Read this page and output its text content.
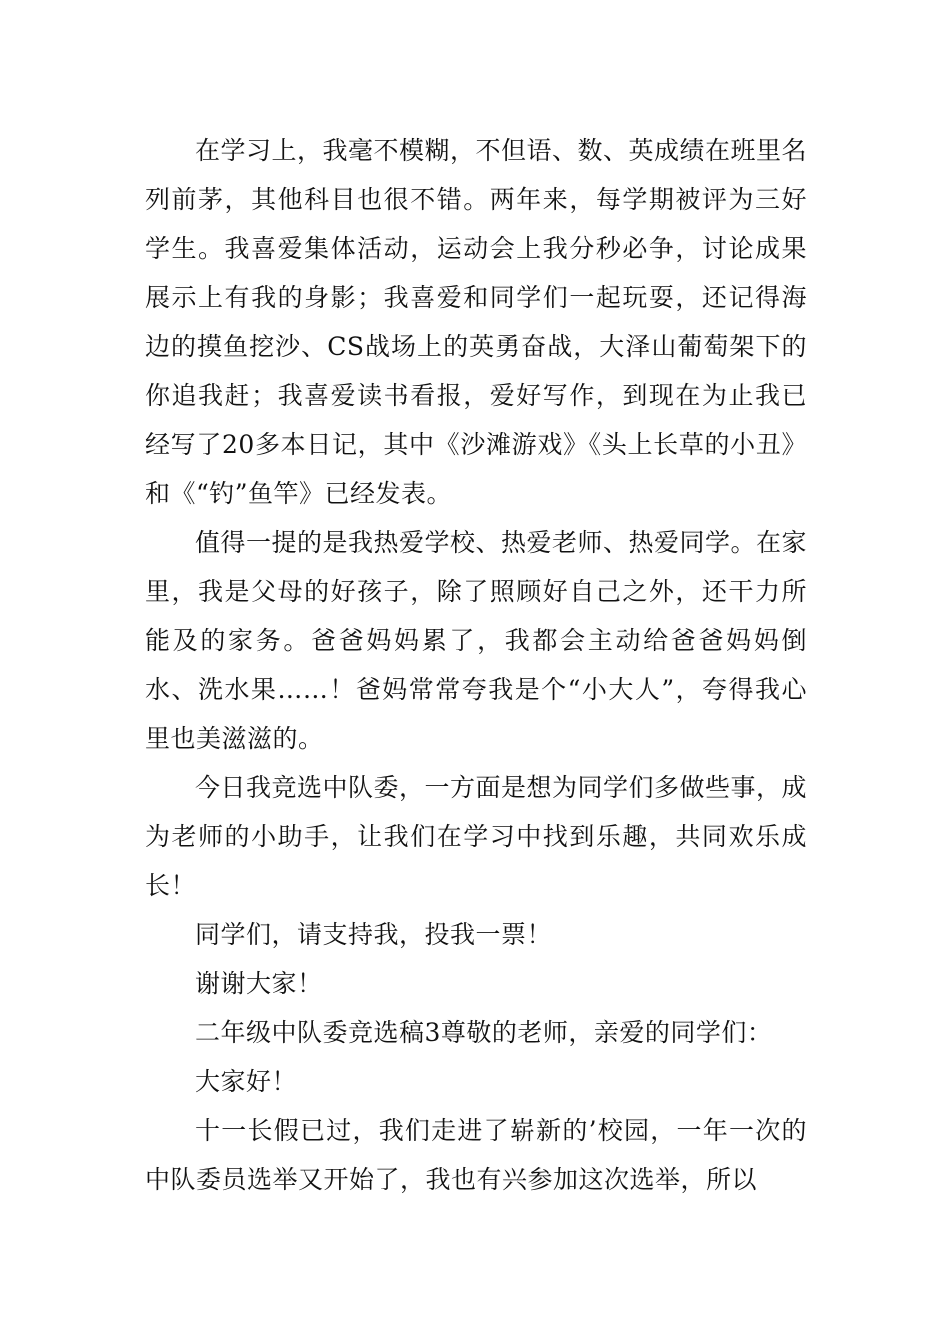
在学习上，我毫不模糊，不但语、数、英成绩在班里名列前茅，其他科目也很不错。两年来，每学期被评为三好学生。我喜爱集体活动，运动会上我分秒必争，讨论成果展示上有我的身影；我喜爱和同学们一起玩耍，还记得海边的摸鱼挖沙、CS战场上的英勇奋战，大泽山葡萄架下的你追我赶；我喜爱读书看报，爱好写作，到现在为止我已经写了20多本日记，其中《沙滩游戏》《头上长草的小丑》和《“钓”鱼竿》已经发表。

值得一提的是我热爱学校、热爱老师、热爱同学。在家里，我是父母的好孩子，除了照顾好自己之外，还干力所能及的家务。爸爸妈妈累了，我都会主动给爸爸妈妈倒水、洗水果……！爸妈常常夸我是个“小大人”，夸得我心里也美滋滋的。

今日我竞选中队委，一方面是想为同学们多做些事，成为老师的小助手，让我们在学习中找到乐趣，共同欢乐成长！

同学们，请支持我，投我一票！

谢谢大家！

二年级中队委竞选稿3尊敬的老师，亲爱的同学们：

大家好！

十一长假已过，我们走进了崭新的’校园，一年一次的中队委员选举又开始了，我也有兴参加这次选举，所以
